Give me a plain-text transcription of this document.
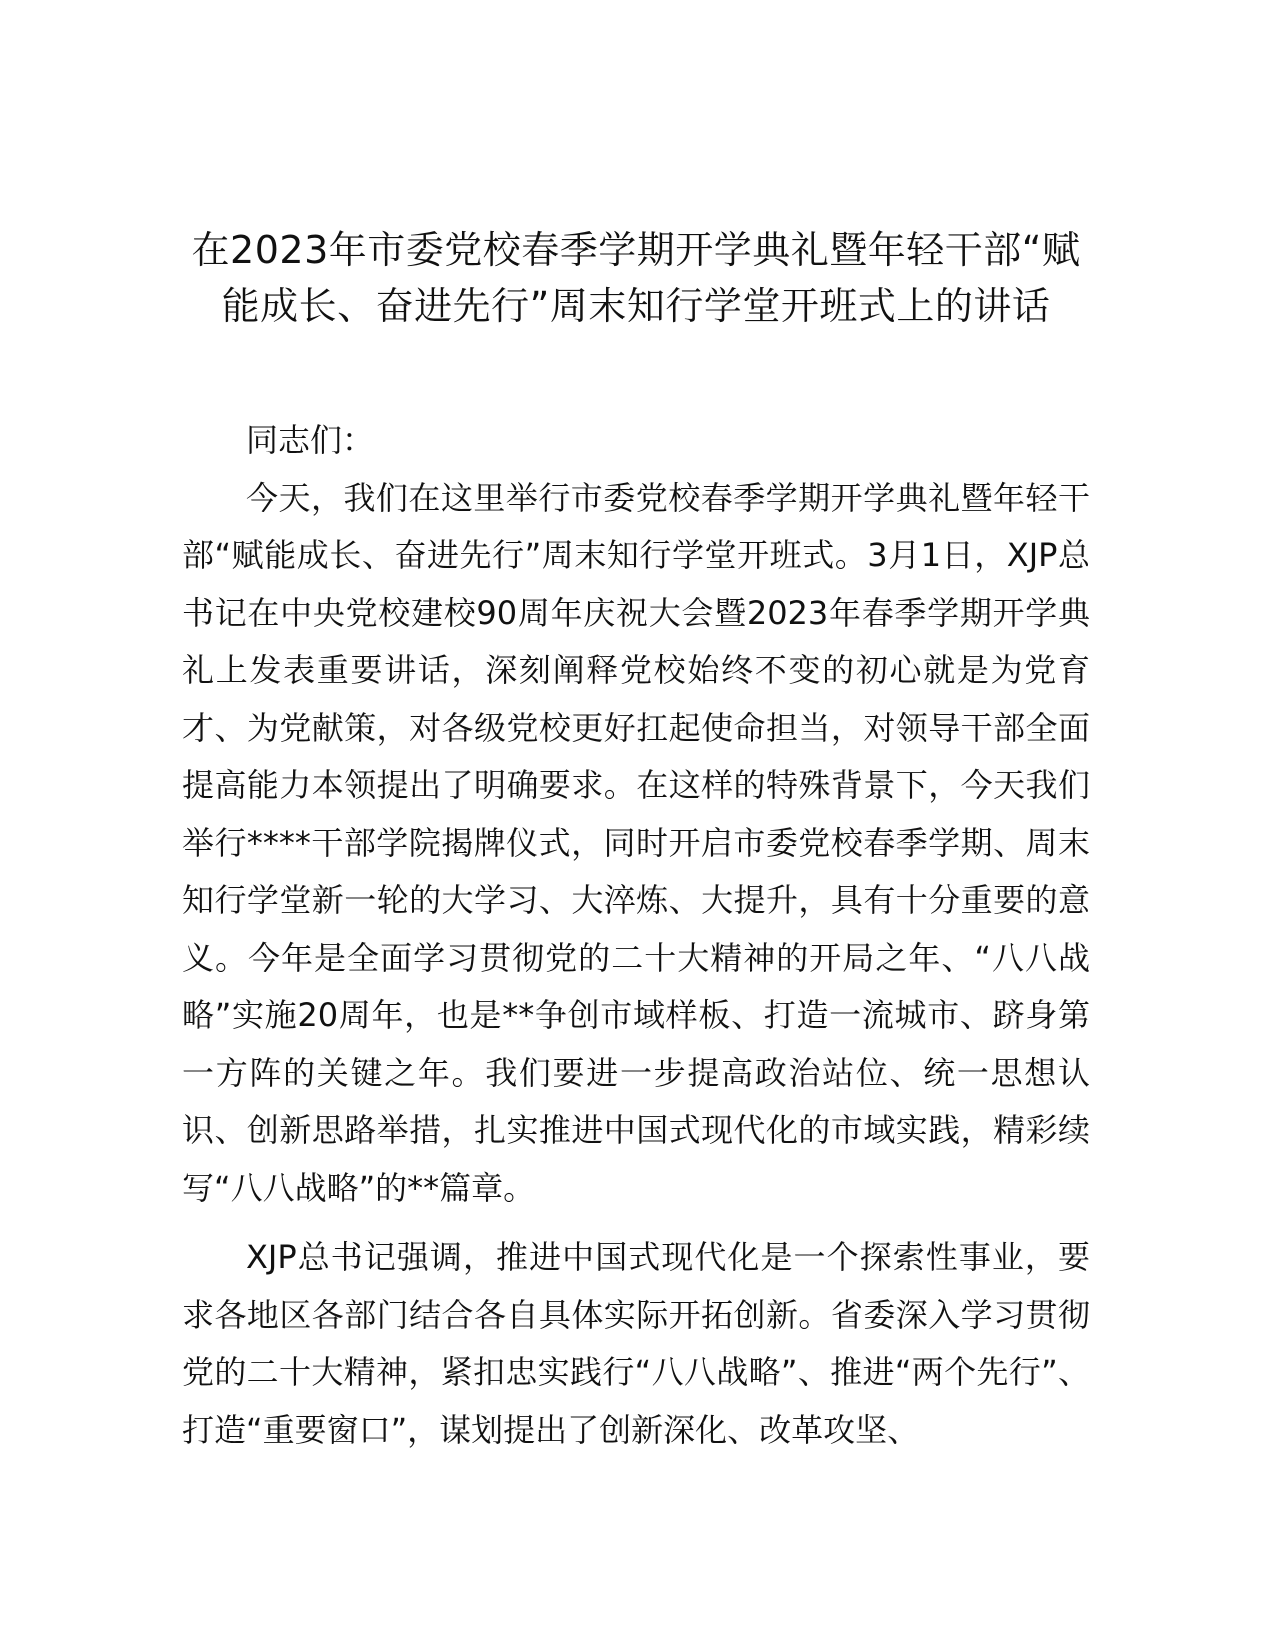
在2023年市委党校春季学期开学典礼暨年轻干部“赋能成长、奋进先行”周末知行学堂开班式上的讲话

同志们：

今天，我们在这里举行市委党校春季学期开学典礼暨年轻干部“赋能成长、奋进先行”周末知行学堂开班式。3月1日，XJP总书记在中央党校建校90周年庆祝大会暨2023年春季学期开学典礼上发表重要讲话，深刻阐释党校始终不变的初心就是为党育才、为党献策，对各级党校更好扛起使命担当，对领导干部全面提高能力本领提出了明确要求。在这样的特殊背景下，今天我们举行****干部学院揭牌仪式，同时开启市委党校春季学期、周末知行学堂新一轮的大学习、大淬炼、大提升，具有十分重要的意义。今年是全面学习贯彻党的二十大精神的开局之年、“八八战略”实施20周年，也是**争创市域样板、打造一流城市、跻身第一方阵的关键之年。我们要进一步提高政治站位、统一思想认识、创新思路举措，扎实推进中国式现代化的市域实践，精彩续写“八八战略”的**篇章。

XJP总书记强调，推进中国式现代化是一个探索性事业，要求各地区各部门结合各自具体实际开拓创新。省委深入学习贯彻党的二十大精神，紧扣忠实践行“八八战略”、推进“两个先行”、打造“重要窗口”，谋划提出了创新深化、改革攻坚、
